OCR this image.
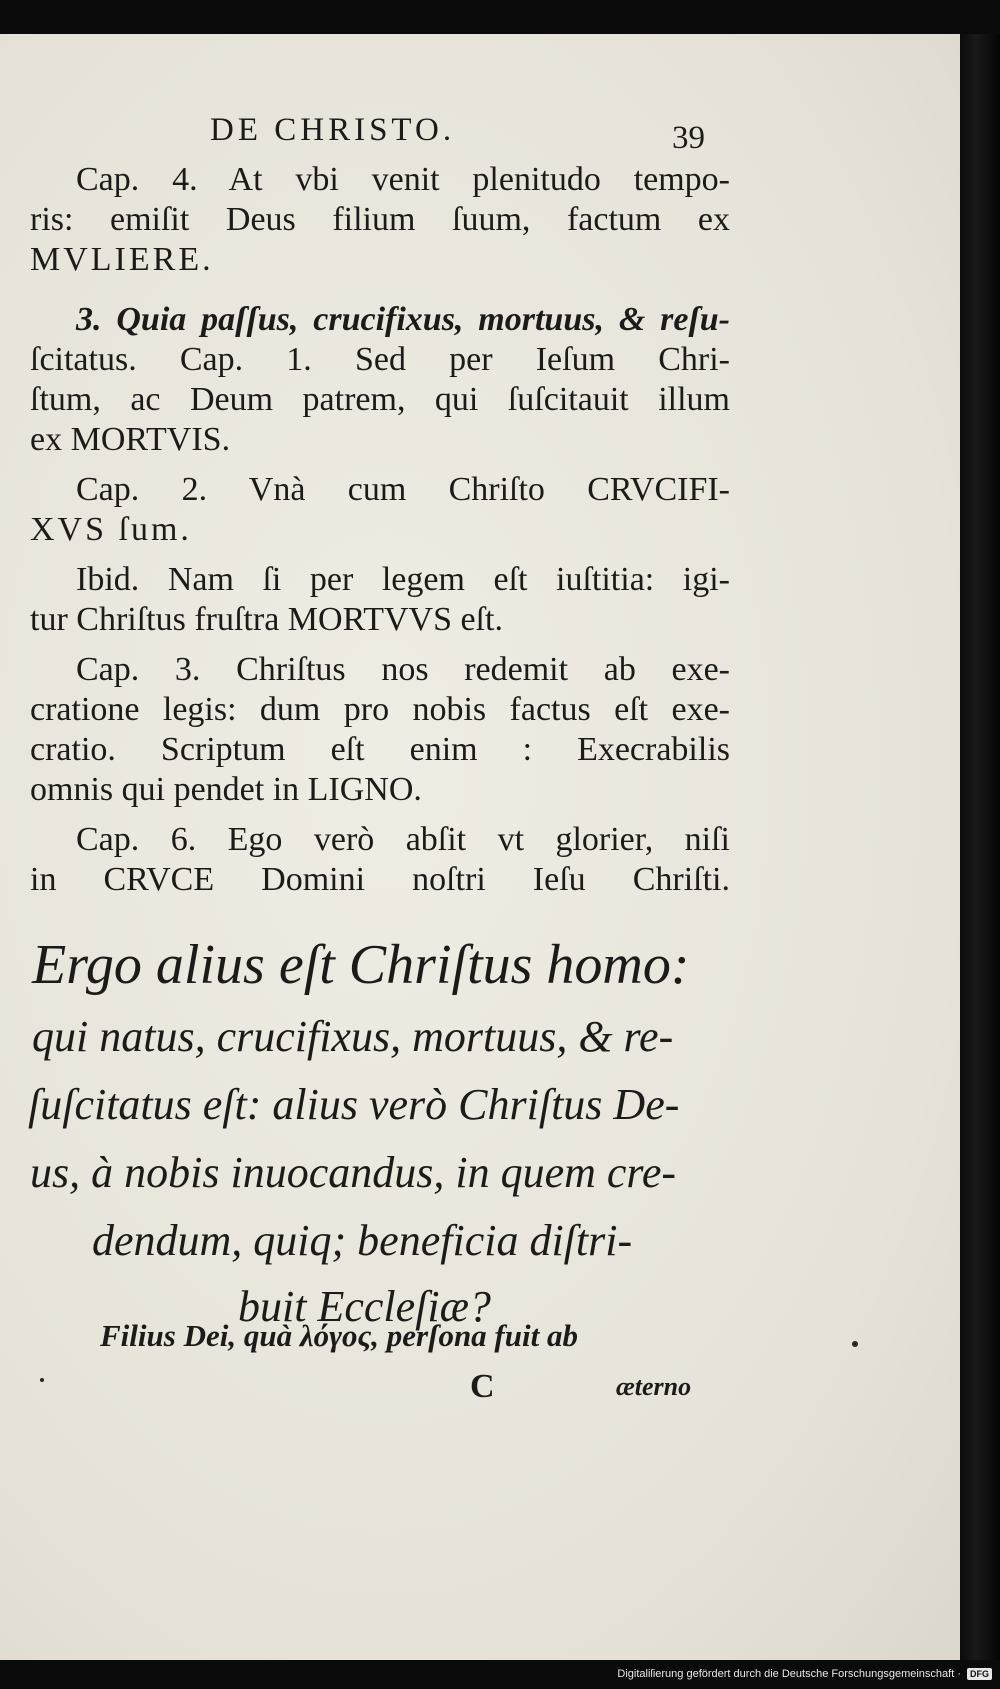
DE CHRISTO.	39
Cap. 4. At vbi venit plenitudo tempo-
ris: emiſit Deus filium ſuum, factum ex
MVLIERE.
3. Quia paſſus, crucifixus, mortuus, & reſu-
ſcitatus. Cap. 1. Sed per Ieſum Chri-
ſtum, ac Deum patrem, qui ſuſcitauit illum
ex MORTVIS.
Cap. 2. Vnà cum Chriſto CRVCIFI-
XVS ſum.
Ibid. Nam ſi per legem eſt iuſtitia: igi-
tur Chriſtus fruſtra MORTVVS eſt.
Cap. 3. Chriſtus nos redemit ab exe-
cratione legis: dum pro nobis factus eſt exe-
cratio. Scriptum eſt enim : Execrabilis
omnis qui pendet in LIGNO.
Cap. 6. Ego verò abſit vt glorier, niſi
in CRVCE Domini noſtri Ieſu Chriſti.
Ergo alius eſt Chriſtus homo:
qui natus, crucifixus, mortuus, & re-
ſuſcitatus eſt: alius verò Chriſtus De-
us, à nobis inuocandus, in quem cre-
dendum, quiq; beneficia diſtri-
buit Eccleſiæ?
Filius Dei, quà λόγος, perſona fuit ab
C	æterno
Digitaliſierung gefördert durch die Deutsche Forschungsgemeinschaft ·	DFG
